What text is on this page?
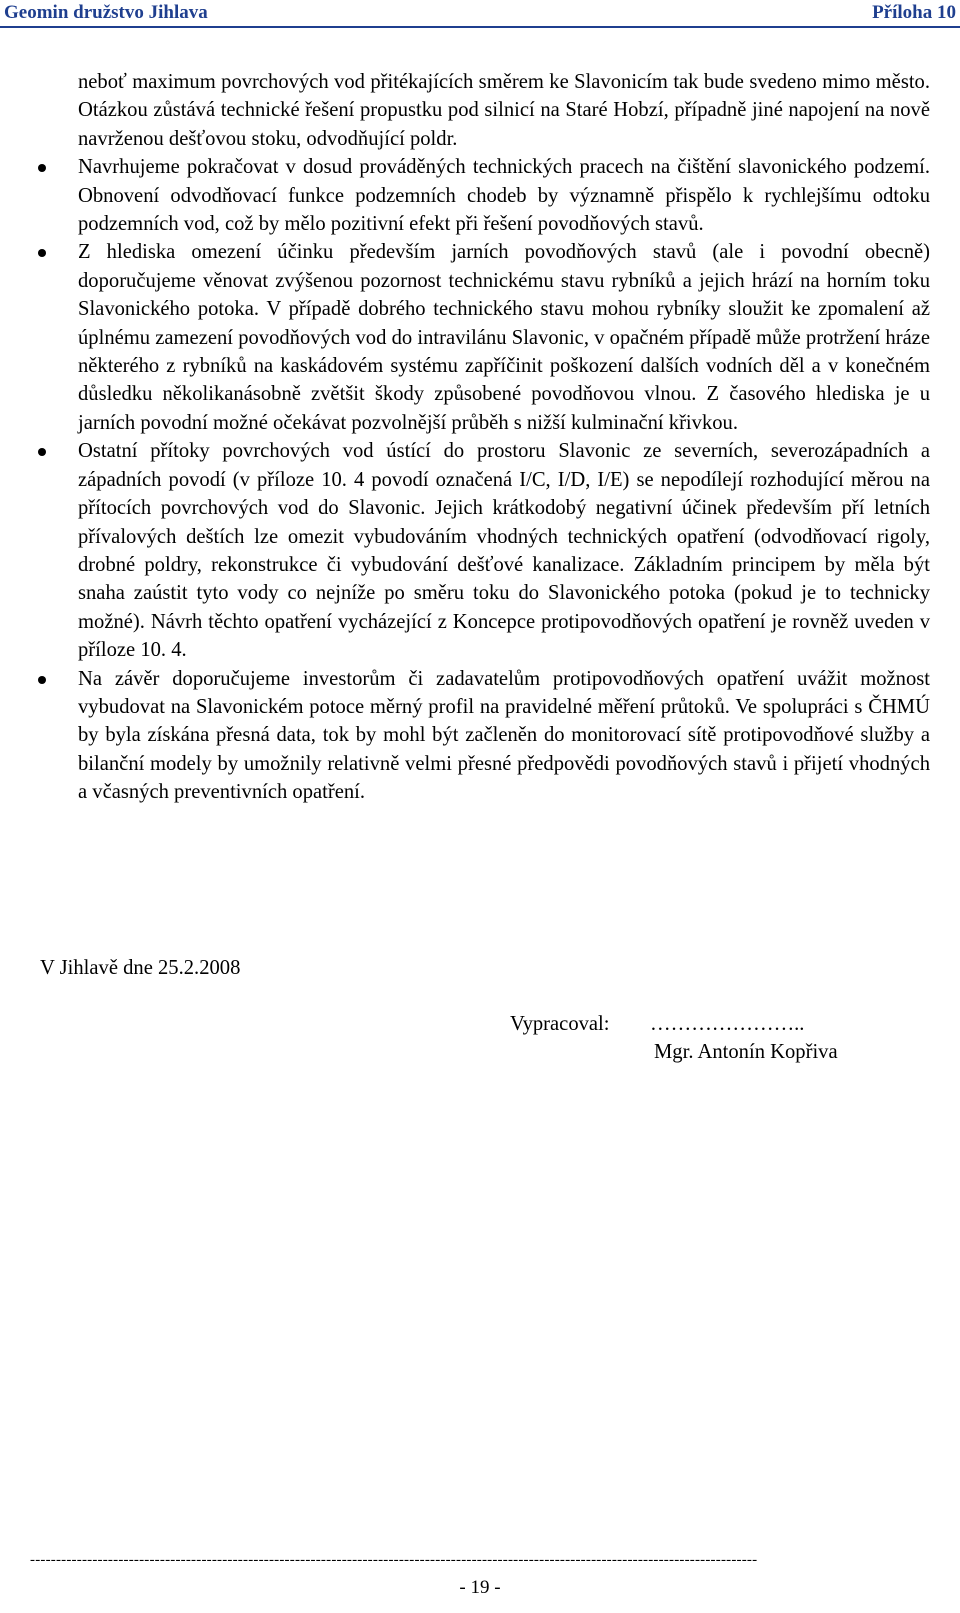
Geomin družstvo Jihlava	Příloha 10

neboť maximum povrchových vod přitékajících směrem ke Slavonicím tak bude svedeno mimo město. Otázkou zůstává technické řešení propustku pod silnicí na Staré Hobzí, případně jiné napojení na nově navrženou dešťovou stoku, odvodňující poldr.

Navrhujeme pokračovat v dosud prováděných technických pracech na čištění slavonického podzemí. Obnovení odvodňovací funkce podzemních chodeb by významně přispělo k rychlejšímu odtoku podzemních vod, což by mělo pozitivní efekt při řešení povodňových stavů.

Z hlediska omezení účinku především jarních povodňových stavů (ale i povodní obecně) doporučujeme věnovat zvýšenou pozornost technickému stavu rybníků a jejich hrází na horním toku Slavonického potoka. V případě dobrého technického stavu mohou rybníky sloužit ke zpomalení až úplnému zamezení povodňových vod do intravilánu Slavonic, v opačném případě může protržení hráze některého z rybníků na kaskádovém systému zapříčinit poškození dalších vodních děl a v konečném důsledku několikanásobně zvětšit škody způsobené povodňovou vlnou. Z časového hlediska je u jarních povodní možné očekávat pozvolnější průběh s nižší kulminační křivkou.

Ostatní přítoky povrchových vod ústící do prostoru Slavonic ze severních, severozápadních a západních povodí (v příloze 10. 4 povodí označená I/C, I/D, I/E) se nepodílejí rozhodující měrou na přítocích povrchových vod do Slavonic. Jejich krátkodobý negativní účinek především pří letních přívalových deštích lze omezit vybudováním vhodných technických opatření (odvodňovací rigoly, drobné poldry, rekonstrukce či vybudování dešťové kanalizace. Základním principem by měla být snaha zaústit tyto vody co nejníže po směru toku do Slavonického potoka (pokud je to technicky možné). Návrh těchto opatření vycházející z Koncepce protipovodňových opatření je rovněž uveden v příloze 10. 4.

Na závěr doporučujeme investorům či zadavatelům protipovodňových opatření uvážit možnost vybudovat na Slavonickém potoce měrný profil na pravidelné měření průtoků. Ve spolupráci s ČHMÚ by byla získána přesná data, tok by mohl být začleněn do monitorovací sítě protipovodňové služby a bilanční modely by umožnily relativně velmi přesné předpovědi povodňových stavů i přijetí vhodných a včasných preventivních opatření.

V Jihlavě dne 25.2.2008
Vypracoval: …………………..
Mgr. Antonín Kopřiva
--------------------------------------------------------------------------------------------------------------------------------------------
- 19 -
